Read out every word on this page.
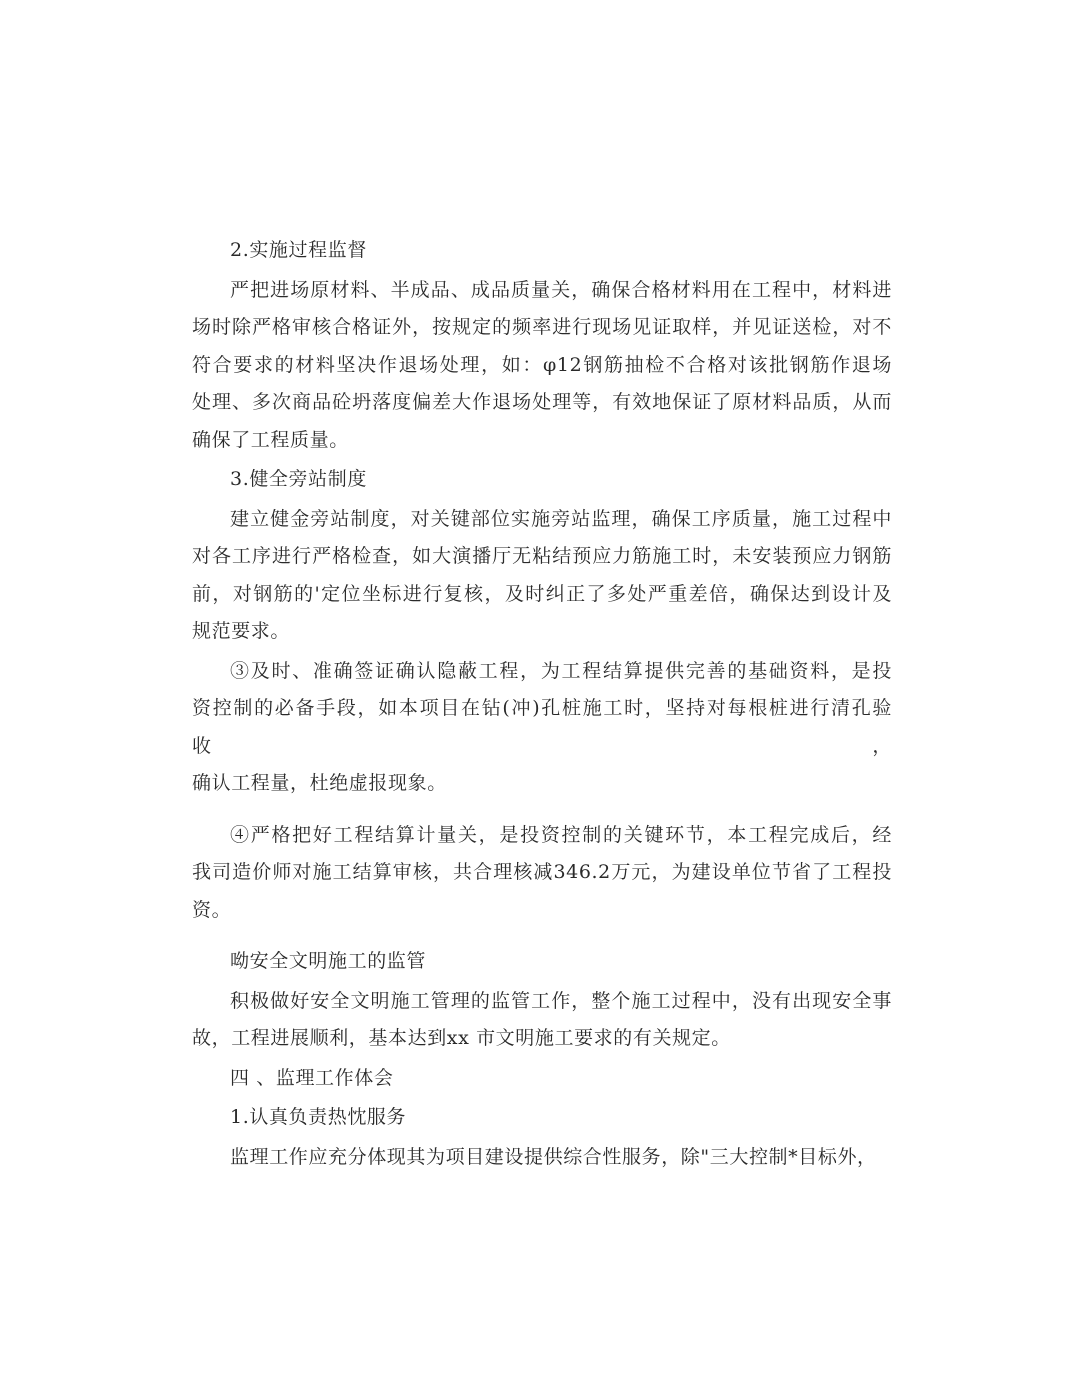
2.实施过程监督
严把进场原材料、半成品、成品质量关，确保合格材料用在工程中，材料进
场时除严格审核合格证外，按规定的频率进行现场见证取样，并见证送检，对不
符合要求的材料坚决作退场处理，如：φ12钢筋抽检不合格对该批钢筋作退场
处理、多次商品砼坍落度偏差大作退场处理等，有效地保证了原材料品质，从而
确保了工程质量。
3.健全旁站制度
建立健金旁站制度，对关键部位实施旁站监理，确保工序质量，施工过程中
对各工序进行严格检查，如大演播厅无粘结预应力筋施工时，未安装预应力钢筋
前，对钢筋的'定位坐标进行复核，及时纠正了多处严重差倍，确保达到设计及
规范要求。
③及时、准确签证确认隐蔽工程，为工程结算提供完善的基础资料，是投
资控制的必备手段，如本项目在钻(冲)孔桩施工时，坚持对每根桩进行清孔验收，
确认工程量，杜绝虚报现象。
④严格把好工程结算计量关，是投资控制的关键环节，本工程完成后，经
我司造价师对施工结算审核，共合理核减346.2万元，为建设单位节省了工程投
资。
呦安全文明施工的监管
积极做好安全文明施工管理的监管工作，整个施工过程中，没有出现安全事
故，工程进展顺利，基本达到xx 市文明施工要求的有关规定。
四 、监理工作体会
1.认真负责热忱服务
监理工作应充分体现其为项目建设提供综合性服务，除"三大控制*目标外，
